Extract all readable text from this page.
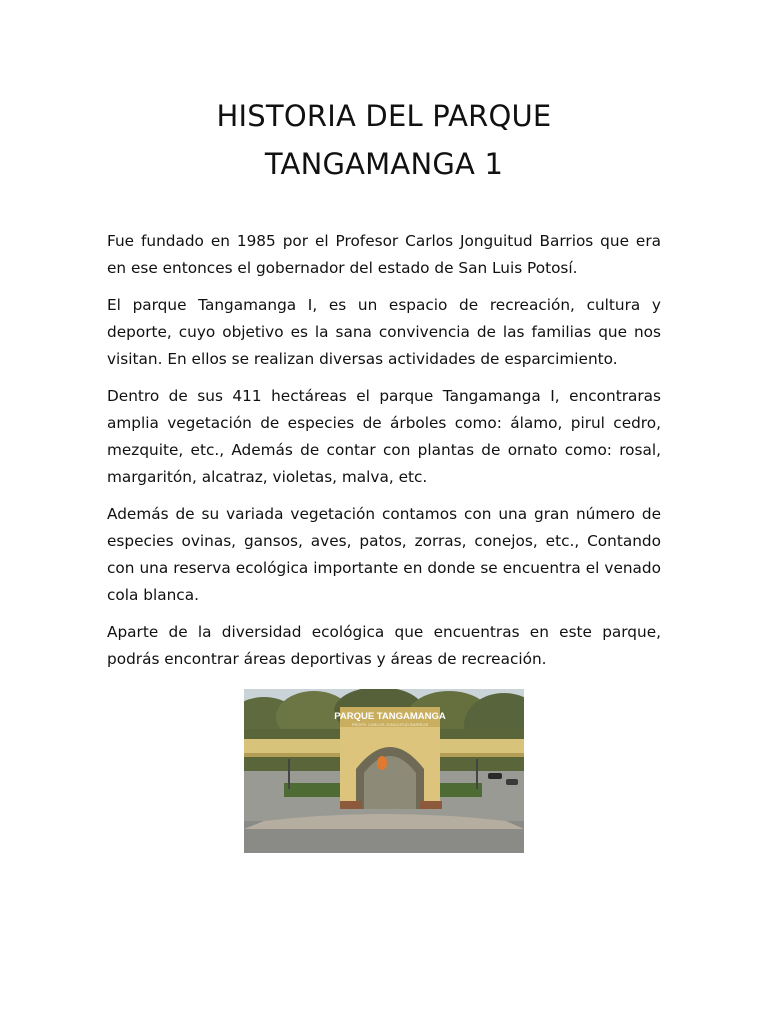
HISTORIA DEL PARQUE
TANGAMANGA 1

Fue fundado en 1985 por el Profesor Carlos Jonguitud Barrios que era en ese entonces el gobernador del estado de San Luis Potosí.

El parque Tangamanga I, es un espacio de recreación, cultura y deporte, cuyo objetivo es la sana convivencia de las familias que nos visitan. En ellos se realizan diversas actividades de esparcimiento.

Dentro de sus 411 hectáreas el parque Tangamanga I, encontraras amplia vegetación de especies de árboles como: álamo, pirul cedro, mezquite, etc., Además de contar con plantas de ornato como: rosal, margaritón, alcatraz, violetas, malva, etc.

Además de su variada vegetación contamos con una gran número de especies ovinas, gansos, aves, patos, zorras, conejos, etc., Contando con una reserva ecológica importante en donde se encuentra el venado cola blanca.

Aparte de la diversidad ecológica que encuentras en este parque, podrás encontrar áreas deportivas y áreas de recreación.

PARQUE TANGAMANGA
PROFR. CARLOS JONGUITUD BARRIOS
